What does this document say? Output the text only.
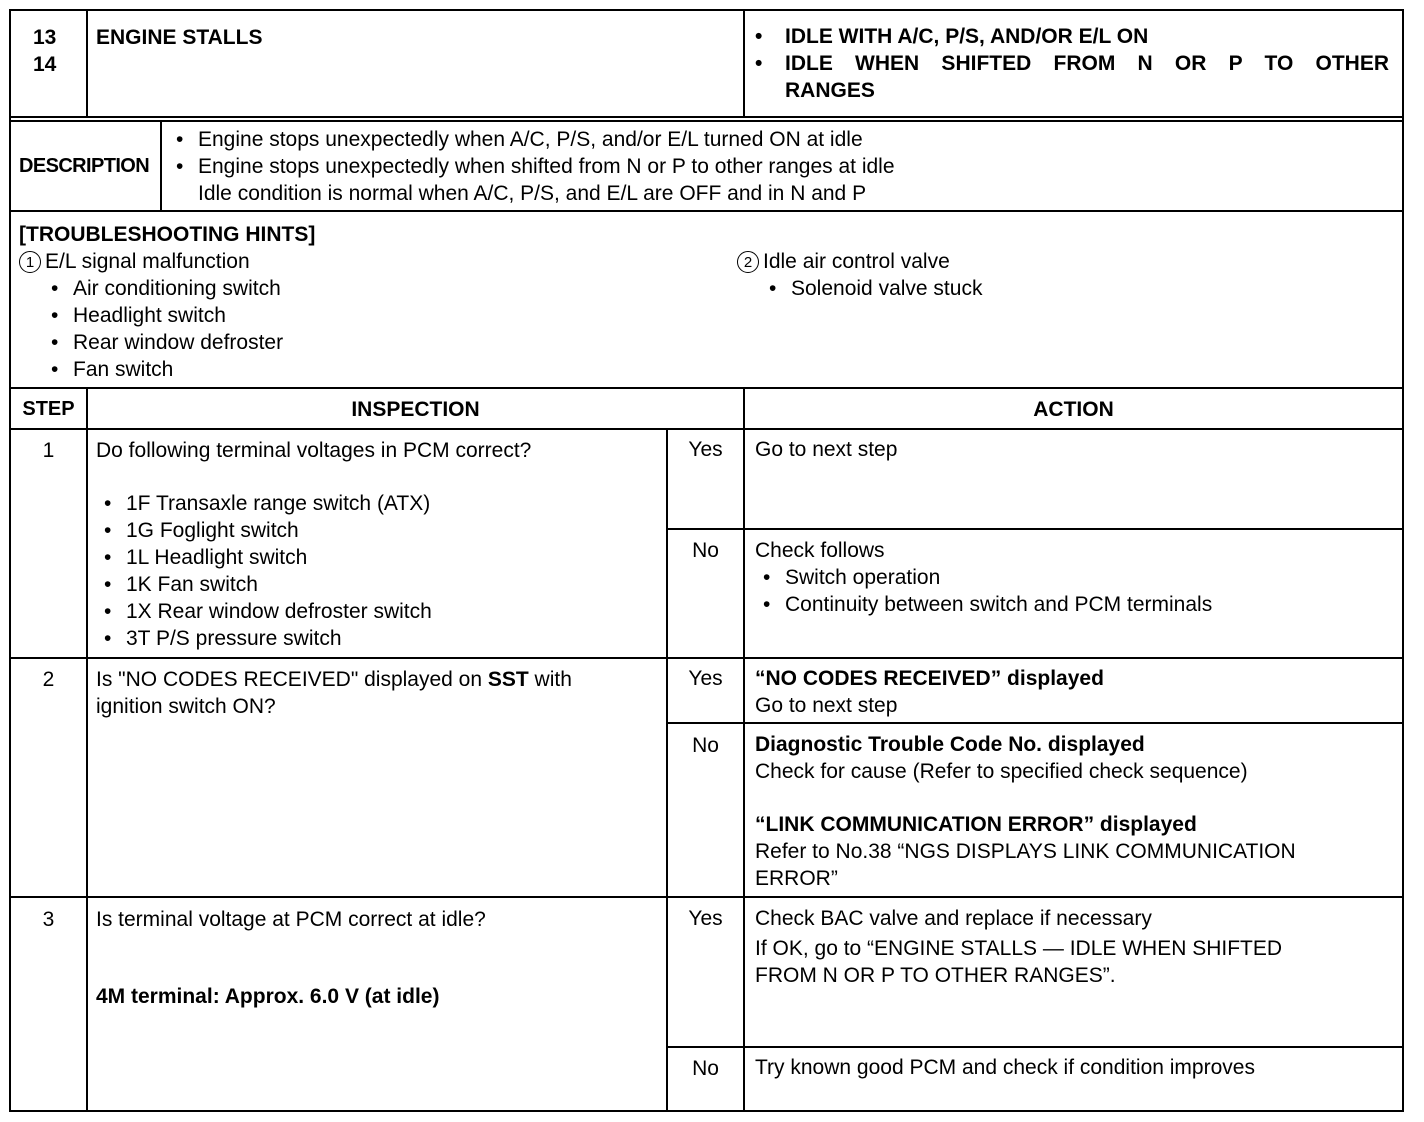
13
14
ENGINE STALLS	• IDLE WITH A/C, P/S, AND/OR E/L ON
• IDLE WHEN SHIFTED FROM N OR P TO OTHER RANGES
DESCRIPTION
• Engine stops unexpectedly when A/C, P/S, and/or E/L turned ON at idle
• Engine stops unexpectedly when shifted from N or P to other ranges at idle
Idle condition is normal when A/C, P/S, and E/L are OFF and in N and P
[TROUBLESHOOTING HINTS]
1 E/L signal malfunction
• Air conditioning switch
• Headlight switch
• Rear window defroster
• Fan switch
2 Idle air control valve
• Solenoid valve stuck
STEP	INSPECTION	ACTION
1	Do following terminal voltages in PCM correct?
• 1F Transaxle range switch (ATX)
• 1G Foglight switch
• 1L Headlight switch
• 1K Fan switch
• 1X Rear window defroster switch
• 3T P/S pressure switch
Yes	Go to next step
No	Check follows
• Switch operation
• Continuity between switch and PCM terminals
2	Is "NO CODES RECEIVED" displayed on SST with
ignition switch ON?
Yes	“NO CODES RECEIVED” displayed
Go to next step
No	Diagnostic Trouble Code No. displayed
Check for cause (Refer to specified check sequence)
“LINK COMMUNICATION ERROR” displayed
Refer to No.38 “NGS DISPLAYS LINK COMMUNICATION
ERROR”
3	Is terminal voltage at PCM correct at idle?
4M terminal: Approx. 6.0 V (at idle)
Yes	Check BAC valve and replace if necessary
If OK, go to “ENGINE STALLS — IDLE WHEN SHIFTED
FROM N OR P TO OTHER RANGES”.
No	Try known good PCM and check if condition improves
